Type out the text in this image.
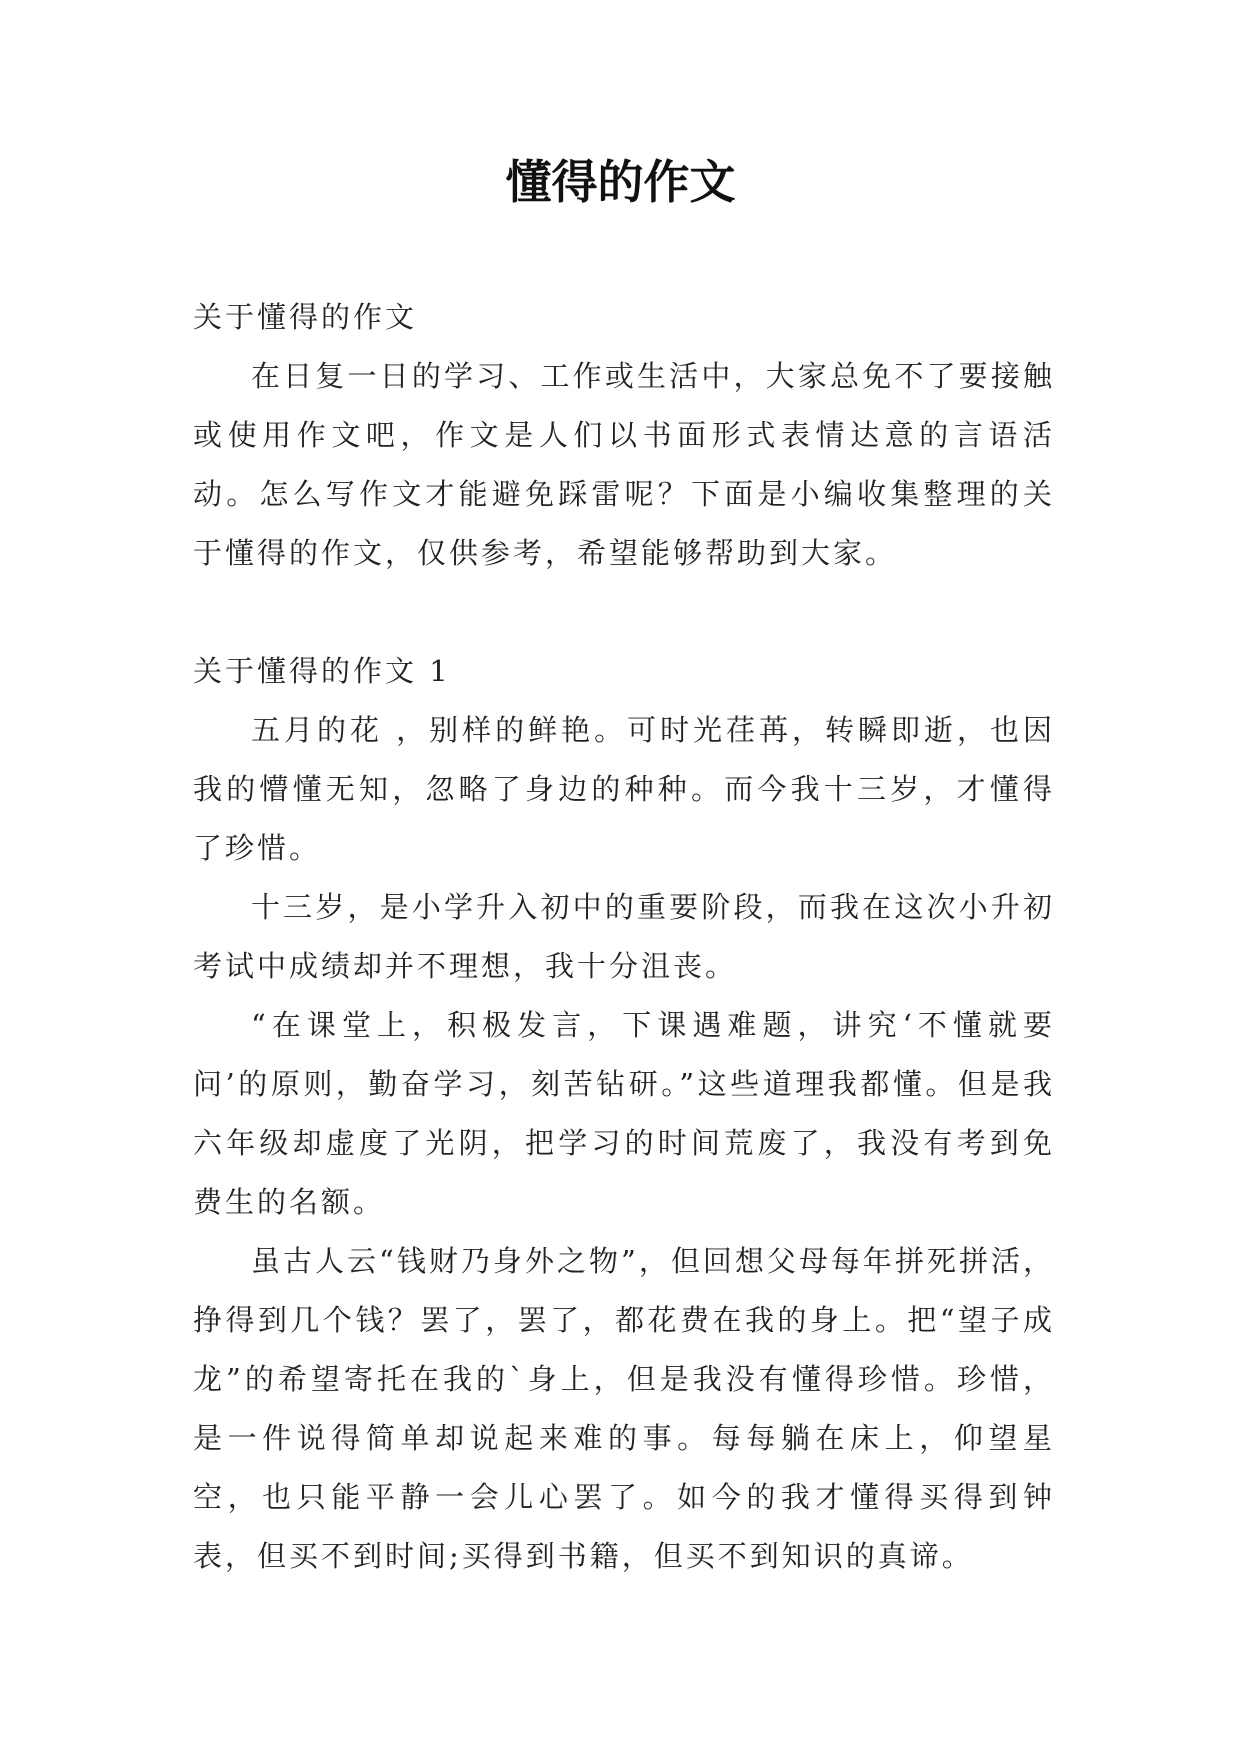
懂得的作文

关于懂得的作文

在日复一日的学习、工作或生活中，大家总免不了要接触或使用作文吧，作文是人们以书面形式表情达意的言语活动。怎么写作文才能避免踩雷呢？下面是小编收集整理的关于懂得的作文，仅供参考，希望能够帮助到大家。

关于懂得的作文 1

五月的花 ，别样的鲜艳。可时光荏苒，转瞬即逝，也因我的懵懂无知，忽略了身边的种种。而今我十三岁，才懂得了珍惜。

十三岁，是小学升入初中的重要阶段，而我在这次小升初考试中成绩却并不理想，我十分沮丧。

“在课堂上，积极发言，下课遇难题，讲究‘不懂就要问’的原则，勤奋学习，刻苦钻研。”这些道理我都懂。但是我六年级却虚度了光阴，把学习的时间荒废了，我没有考到免费生的名额。

虽古人云“钱财乃身外之物”，但回想父母每年拼死拼活，挣得到几个钱？罢了，罢了，都花费在我的身上。把“望子成龙”的希望寄托在我的`身上，但是我没有懂得珍惜。珍惜，是一件说得简单却说起来难的事。每每躺在床上，仰望星空，也只能平静一会儿心罢了。如今的我才懂得买得到钟表，但买不到时间;买得到书籍，但买不到知识的真谛。
